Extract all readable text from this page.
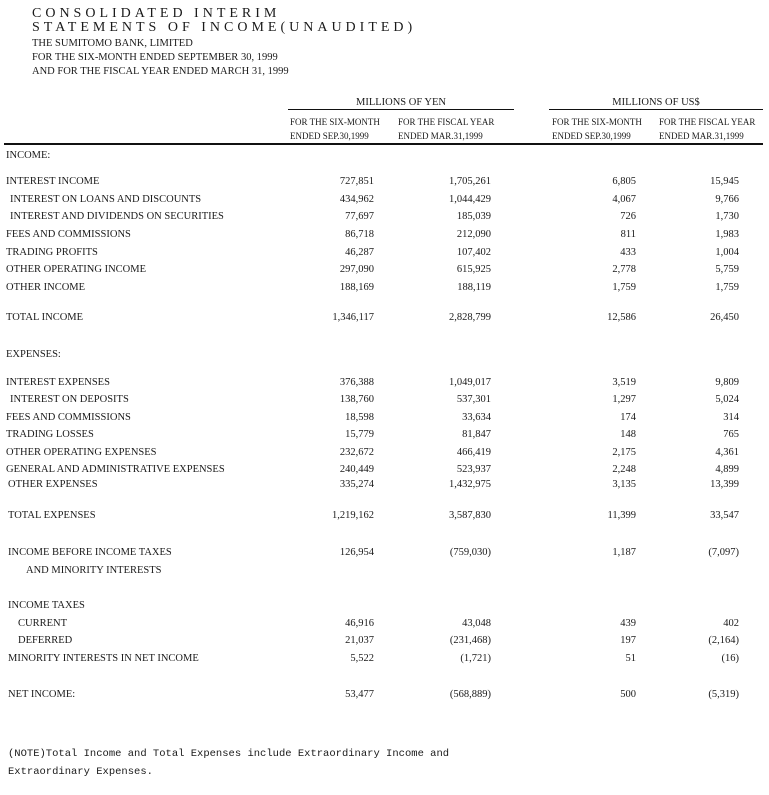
CONSOLIDATED INTERIM
STATEMENTS OF INCOME(UNAUDITED)
THE SUMITOMO BANK, LIMITED
FOR THE SIX-MONTH ENDED SEPTEMBER 30, 1999
AND FOR THE FISCAL YEAR ENDED MARCH 31, 1999
MILLIONS OF YEN	MILLIONS OF US$
FOR THE SIX-MONTH
ENDED SEP.30,1999
FOR THE FISCAL YEAR
ENDED MAR.31,1999
FOR THE SIX-MONTH
ENDED SEP.30,1999
FOR THE FISCAL YEAR
ENDED MAR.31,1999
INCOME:
INTEREST INCOME	727,851	1,705,261	6,805	15,945
INTEREST ON LOANS AND DISCOUNTS	434,962	1,044,429	4,067	9,766
INTEREST AND DIVIDENDS ON SECURITIES	77,697	185,039	726	1,730
FEES AND COMMISSIONS	86,718	212,090	811	1,983
TRADING PROFITS	46,287	107,402	433	1,004
OTHER OPERATING INCOME	297,090	615,925	2,778	5,759
OTHER INCOME	188,169	188,119	1,759	1,759
TOTAL INCOME	1,346,117	2,828,799	12,586	26,450
EXPENSES:
INTEREST EXPENSES	376,388	1,049,017	3,519	9,809
INTEREST ON DEPOSITS	138,760	537,301	1,297	5,024
FEES AND COMMISSIONS	18,598	33,634	174	314
TRADING LOSSES	15,779	81,847	148	765
OTHER OPERATING EXPENSES	232,672	466,419	2,175	4,361
GENERAL AND ADMINISTRATIVE EXPENSES	240,449	523,937	2,248	4,899
OTHER EXPENSES	335,274	1,432,975	3,135	13,399
TOTAL EXPENSES	1,219,162	3,587,830	11,399	33,547
INCOME BEFORE INCOME TAXES	126,954	(759,030)	1,187	(7,097)
AND MINORITY INTERESTS
INCOME TAXES
CURRENT	46,916	43,048	439	402
DEFERRED	21,037	(231,468)	197	(2,164)
MINORITY INTERESTS IN NET INCOME	5,522	(1,721)	51	(16)
NET INCOME:	53,477	(568,889)	500	(5,319)
(NOTE)Total Income and Total Expenses include Extraordinary Income and
Extraordinary Expenses.
